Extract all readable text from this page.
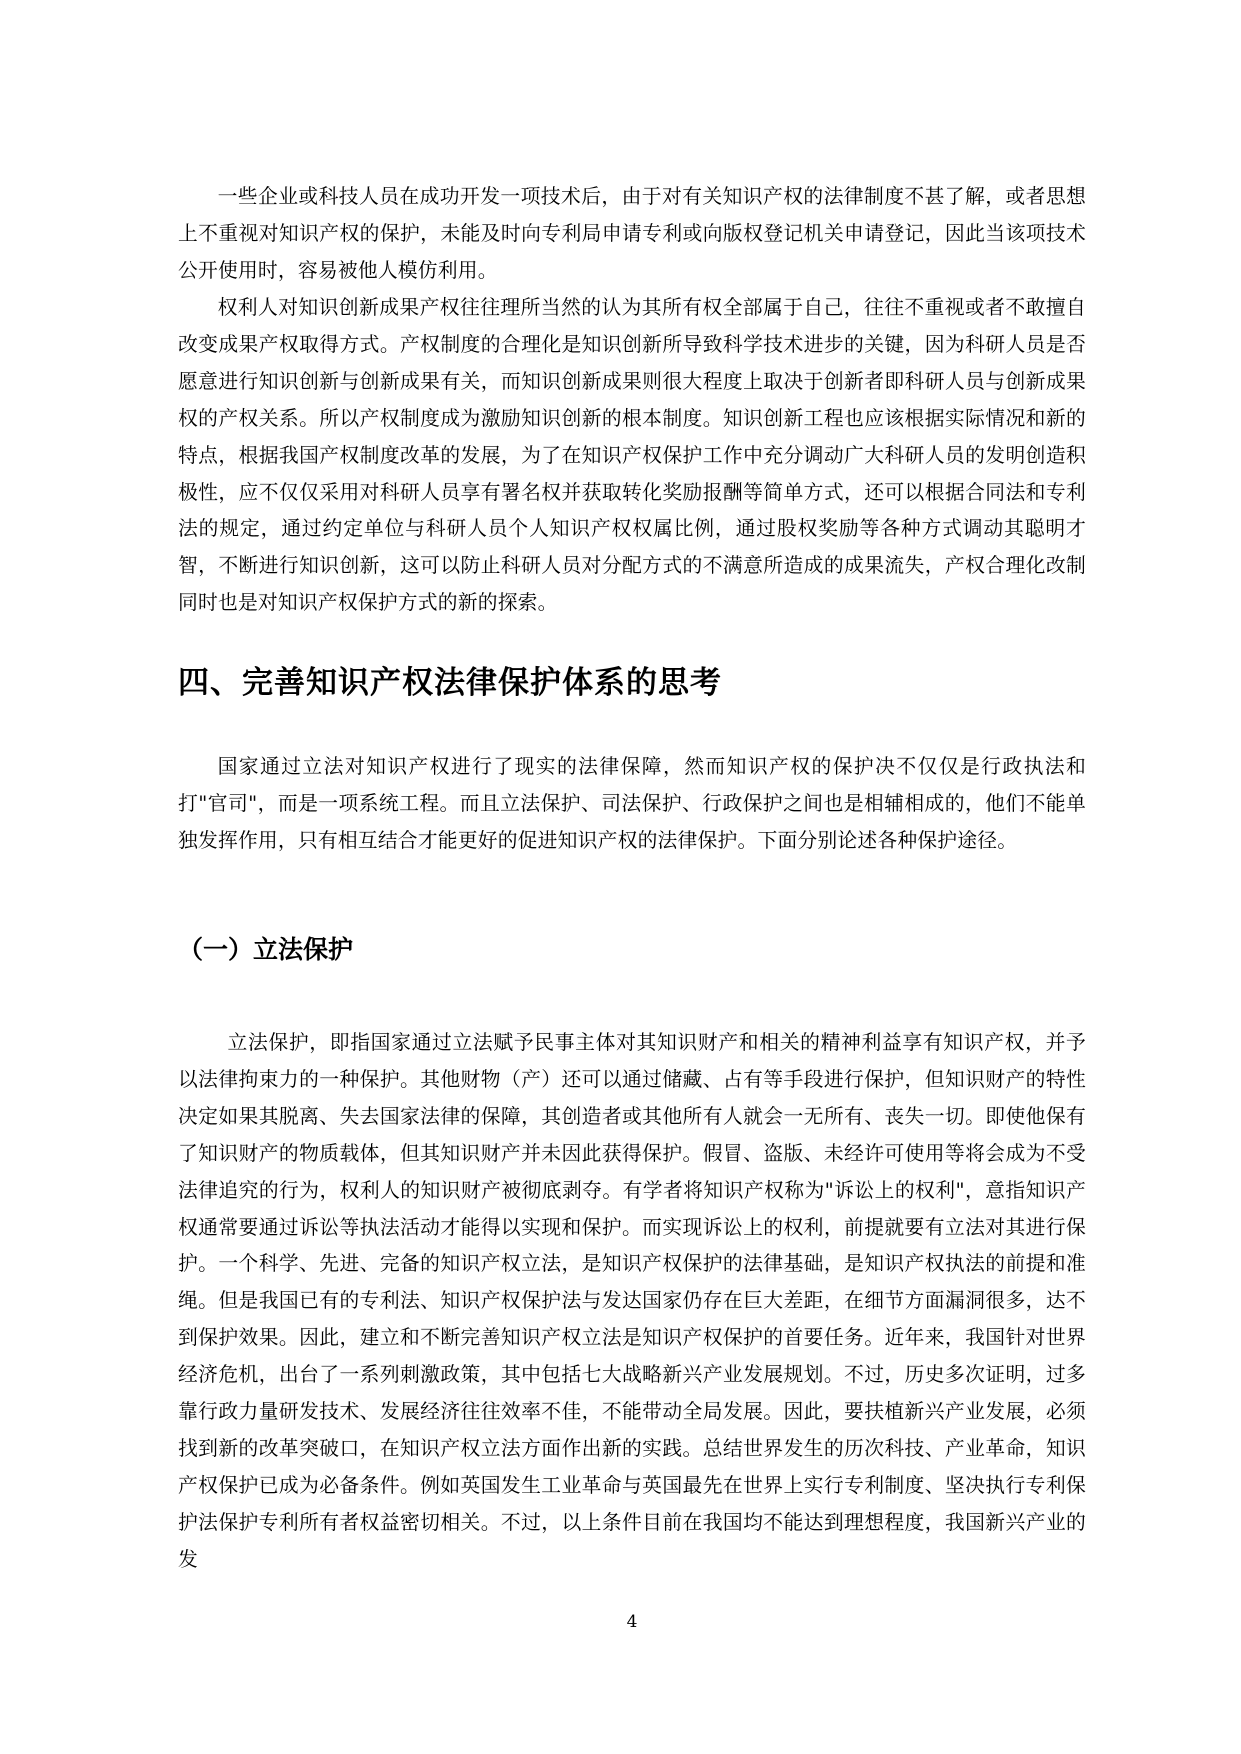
一些企业或科技人员在成功开发一项技术后，由于对有关知识产权的法律制度不甚了解，或者思想上不重视对知识产权的保护，未能及时向专利局申请专利或向版权登记机关申请登记，因此当该项技术公开使用时，容易被他人模仿利用。

权利人对知识创新成果产权往往理所当然的认为其所有权全部属于自己，往往不重视或者不敢擅自改变成果产权取得方式。产权制度的合理化是知识创新所导致科学技术进步的关键，因为科研人员是否愿意进行知识创新与创新成果有关，而知识创新成果则很大程度上取决于创新者即科研人员与创新成果权的产权关系。所以产权制度成为激励知识创新的根本制度。知识创新工程也应该根据实际情况和新的特点，根据我国产权制度改革的发展，为了在知识产权保护工作中充分调动广大科研人员的发明创造积极性，应不仅仅采用对科研人员享有署名权并获取转化奖励报酬等简单方式，还可以根据合同法和专利法的规定，通过约定单位与科研人员个人知识产权权属比例，通过股权奖励等各种方式调动其聪明才智，不断进行知识创新，这可以防止科研人员对分配方式的不满意所造成的成果流失，产权合理化改制同时也是对知识产权保护方式的新的探索。

四、完善知识产权法律保护体系的思考

国家通过立法对知识产权进行了现实的法律保障，然而知识产权的保护决不仅仅是行政执法和打"官司"，而是一项系统工程。而且立法保护、司法保护、行政保护之间也是相辅相成的，他们不能单独发挥作用，只有相互结合才能更好的促进知识产权的法律保护。下面分别论述各种保护途径。

（一）立法保护

立法保护，即指国家通过立法赋予民事主体对其知识财产和相关的精神利益享有知识产权，并予以法律拘束力的一种保护。其他财物（产）还可以通过储藏、占有等手段进行保护，但知识财产的特性决定如果其脱离、失去国家法律的保障，其创造者或其他所有人就会一无所有、丧失一切。即使他保有了知识财产的物质载体，但其知识财产并未因此获得保护。假冒、盗版、未经许可使用等将会成为不受法律追究的行为，权利人的知识财产被彻底剥夺。有学者将知识产权称为"诉讼上的权利"，意指知识产权通常要通过诉讼等执法活动才能得以实现和保护。而实现诉讼上的权利，前提就要有立法对其进行保护。一个科学、先进、完备的知识产权立法，是知识产权保护的法律基础，是知识产权执法的前提和准绳。但是我国已有的专利法、知识产权保护法与发达国家仍存在巨大差距，在细节方面漏洞很多，达不到保护效果。因此，建立和不断完善知识产权立法是知识产权保护的首要任务。近年来，我国针对世界经济危机，出台了一系列刺激政策，其中包括七大战略新兴产业发展规划。不过，历史多次证明，过多靠行政力量研发技术、发展经济往往效率不佳，不能带动全局发展。因此，要扶植新兴产业发展，必须找到新的改革突破口，在知识产权立法方面作出新的实践。总结世界发生的历次科技、产业革命，知识产权保护已成为必备条件。例如英国发生工业革命与英国最先在世界上实行专利制度、坚决执行专利保护法保护专利所有者权益密切相关。不过，以上条件目前在我国均不能达到理想程度，我国新兴产业的发

4
